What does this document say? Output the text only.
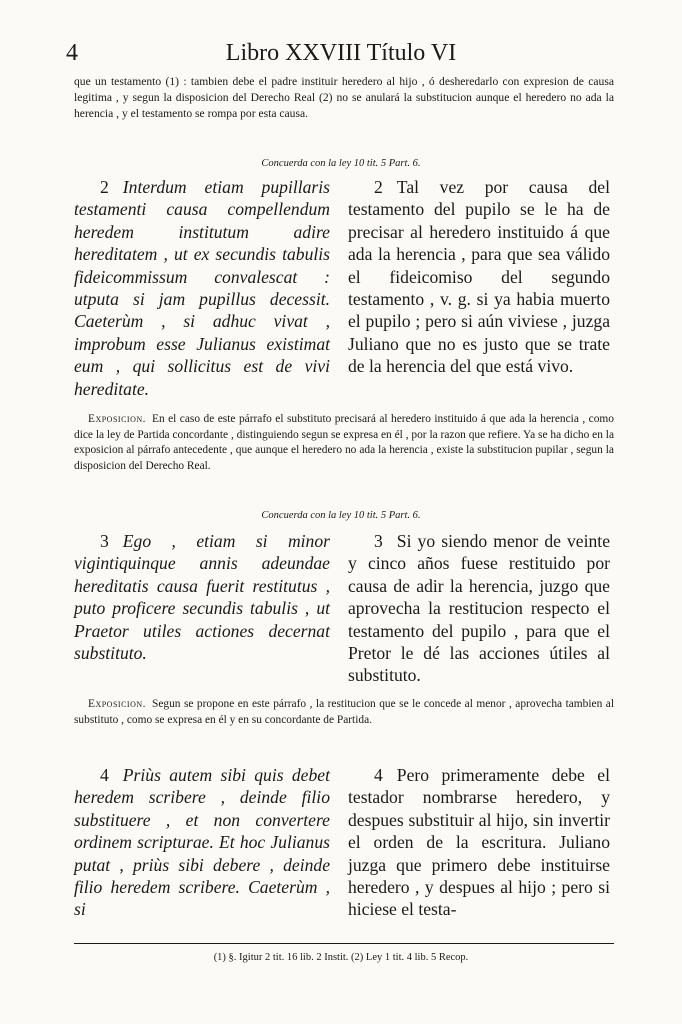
4	Libro XXVIII Título VI

que un testamento (1) : tambien debe el padre instituir heredero al hijo , ó desheredarlo con expresion de causa legitima , y segun la disposicion del Derecho Real (2) no se anulará la substitucion aunque el heredero no ada la herencia , y el testamento se rompa por esta causa.

Concuerda con la ley 10 tit. 5 Part. 6.
2 Interdum etiam pupillaris testamenti causa compellendum heredem institutum adire hereditatem , ut ex secundis tabulis fideicommissum convalescat : utputa si jam pupillus decessit. Caeterùm , si adhuc vivat , improbum esse Julianus existimat eum , qui sollicitus est de vivi hereditate.
2 Tal vez por causa del testamento del pupilo se le ha de precisar al heredero instituido á que ada la herencia , para que sea válido el fideicomiso del segundo testamento , v. g. si ya habia muerto el pupilo ; pero si aún viviese , juzga Juliano que no es justo que se trate de la herencia del que está vivo.
Exposicion. En el caso de este párrafo el substituto precisará al heredero instituido á que ada la herencia , como dice la ley de Partida concordante , distinguiendo segun se expresa en él , por la razon que refiere. Ya se ha dicho en la exposicion al párrafo antecedente , que aunque el heredero no ada la herencia , existe la substitucion pupilar , segun la disposicion del Derecho Real.
Concuerda con la ley 10 tit. 5 Part. 6.
3 Ego , etiam si minor vigintiquinque annis adeundae hereditatis causa fuerit restitutus , puto proficere secundis tabulis , ut Praetor utiles actiones decernat substituto.
3 Si yo siendo menor de veinte y cinco años fuese restituido por causa de adir la herencia, juzgo que aprovecha la restitucion respecto el testamento del pupilo , para que el Pretor le dé las acciones útiles al substituto.
Exposicion. Segun se propone en este párrafo , la restitucion que se le concede al menor , aprovecha tambien al substituto , como se expresa en él y en su concordante de Partida.
4 Priùs autem sibi quis debet heredem scribere , deinde filio substituere , et non convertere ordinem scripturae. Et hoc Julianus putat , priùs sibi debere , deinde filio heredem scribere. Caeterùm , si
4 Pero primeramente debe el testador nombrarse heredero, y despues substituir al hijo, sin invertir el orden de la escritura. Juliano juzga que primero debe instituirse heredero , y despues al hijo ; pero si hiciese el testa-
(1) §. Igitur 2 tit. 16 lib. 2 Instit. (2) Ley 1 tit. 4 lib. 5 Recop.
